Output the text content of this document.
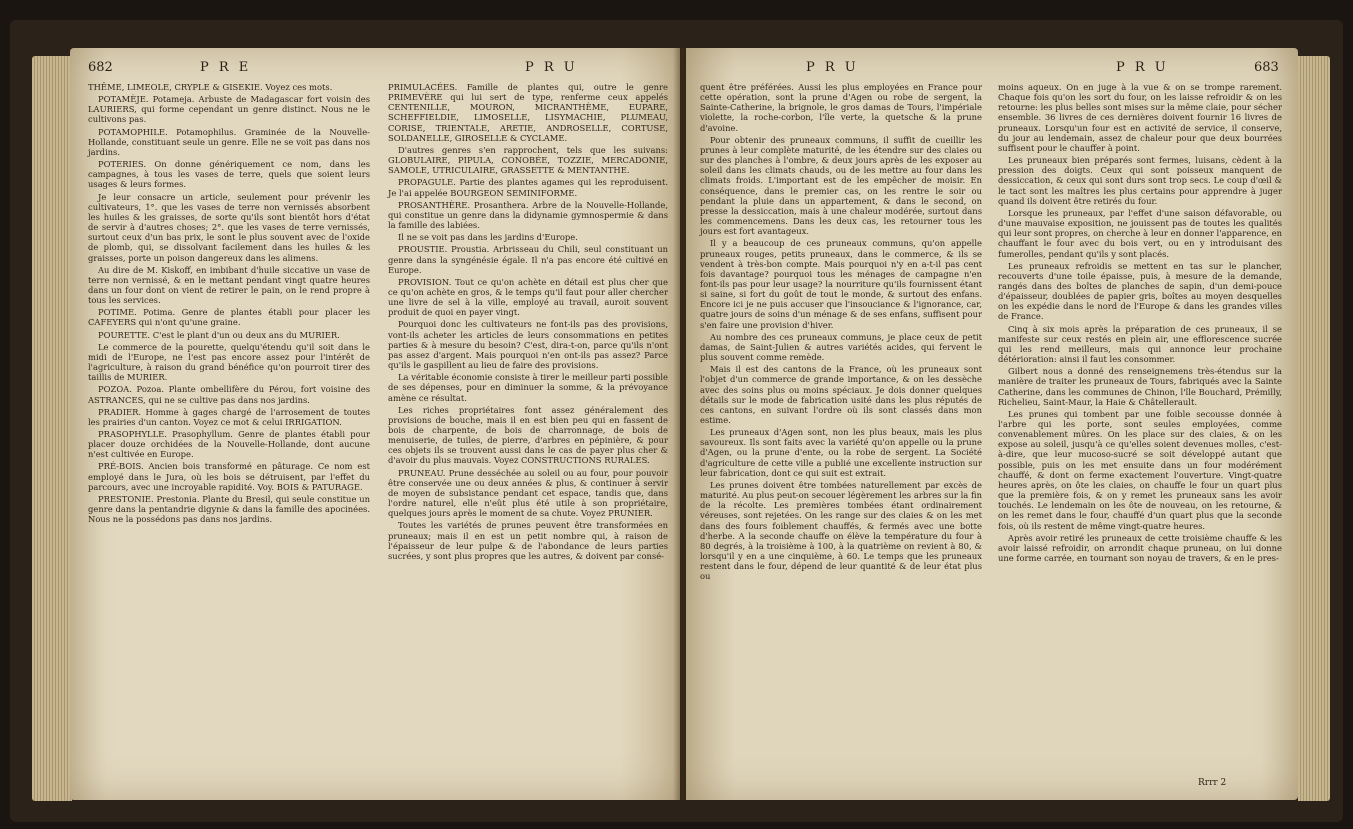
682	P R E	P R U

THÊME, LIMEOLE, CRYPLE & GISEKIE. Voyez ces mots.

POTAMÈJE. Potameja. Arbuste de Madagascar fort voisin des LAURIERS, qui forme cependant un genre distinct. Nous ne le cultivons pas.

POTAMOPHILE. Potamophilus. Graminée de la Nouvelle-Hollande, constituant seule un genre. Elle ne se voit pas dans nos jardins.

POTERIES. On donne génériquement ce nom, dans les campagnes, à tous les vases de terre, quels que soient leurs usages & leurs formes.

Je leur consacre un article, seulement pour prévenir les cultivateurs, 1°. que les vases de terre non vernissés absorbent les huiles & les graisses, de sorte qu'ils sont bientôt hors d'état de servir à d'autres choses; 2°. que les vases de terre vernissés, surtout ceux d'un bas prix, le sont le plus souvent avec de l'oxide de plomb, qui, se dissolvant facilement dans les huiles & les graisses, porte un poison dangereux dans les alimens.

Au dire de M. Kiskoff, en imbibant d'huile siccative un vase de terre non vernissé, & en le mettant pendant vingt quatre heures dans un four dont on vient de retirer le pain, on le rend propre à tous les services.

POTIME. Potima. Genre de plantes établi pour placer les CAFEYERS qui n'ont qu'une graine.

POURETTE. C'est le plant d'un ou deux ans du MURIER.

Le commerce de la pourette, quelqu'étendu qu'il soit dans le midi de l'Europe, ne l'est pas encore assez pour l'intérêt de l'agriculture, à raison du grand bénéfice qu'on pourroit tirer des taillis de MURIER.

POZOA. Pozoa. Plante ombellifère du Pérou, fort voisine des ASTRANCES, qui ne se cultive pas dans nos jardins.

PRADIER. Homme à gages chargé de l'arrosement de toutes les prairies d'un canton. Voyez ce mot & celui IRRIGATION.

PRASOPHYLLE. Prasophyllum. Genre de plantes établi pour placer douze orchidées de la Nouvelle-Hollande, dont aucune n'est cultivée en Europe.

PRÉ-BOIS. Ancien bois transformé en pâturage. Ce nom est employé dans le Jura, où les bois se détruisent, par l'effet du parcours, avec une incroyable rapidité. Voy. BOIS & PATURAGE.

PRESTONIE. Prestonia. Plante du Bresil, qui seule constitue un genre dans la pentandrie digynie & dans la famille des apocinées. Nous ne la possédons pas dans nos jardins.

PRIMULACÉES. Famille de plantes qui, outre le genre PRIMEVÈRE qui lui sert de type, renferme ceux appelés CENTENILLE, MOURON, MICRANTHÈME, EUPARE, SCHEFFIELDIE, LIMOSELLE, LISYMACHIE, PLUMEAU, CORISE, TRIENTALE, ARETIE, ANDROSELLE, CORTUSE, SOLDANELLE, GIROSELLE & CYCLAME.

D'autres genres s'en rapprochent, tels que les suivans: GLOBULAIRE, PIPULA, CONOBÉE, TOZZIE, MERCADONIE, SAMOLE, UTRICULAIRE, GRASSETTE & MENTANTHE.

PROPAGULE. Partie des plantes agames qui les reproduisent. Je l'ai appelée BOURGEON SEMINIFORME.

PROSANTHÈRE. Prosanthera. Arbre de la Nouvelle-Hollande, qui constitue un genre dans la didynamie gymnospermie & dans la famille des labiées.

Il ne se voit pas dans les jardins d'Europe.

PROUSTIE. Proustia. Arbrisseau du Chili, seul constituant un genre dans la syngénésie égale. Il n'a pas encore été cultivé en Europe.

PROVISION. Tout ce qu'on achète en détail est plus cher que ce qu'on achète en gros, & le temps qu'il faut pour aller chercher une livre de sel à la ville, employé au travail, auroit souvent produit de quoi en payer vingt.

Pourquoi donc les cultivateurs ne font-ils pas des provisions, vont-ils acheter les articles de leurs consommations en petites parties & à mesure du besoin? C'est, dira-t-on, parce qu'ils n'ont pas assez d'argent. Mais pourquoi n'en ont-ils pas assez? Parce qu'ils le gaspillent au lieu de faire des provisions.

La véritable économie consiste à tirer le meilleur parti possible de ses dépenses, pour en diminuer la somme, & la prévoyance amène ce résultat.

Les riches propriétaires font assez généralement des provisions de bouche, mais il en est bien peu qui en fassent de bois de charpente, de bois de charronnage, de bois de menuiserie, de tuiles, de pierre, d'arbres en pépinière, & pour ces objets ils se trouvent aussi dans le cas de payer plus cher & d'avoir du plus mauvais. Voyez CONSTRUCTIONS RURALES.

PRUNEAU. Prune desséchée au soleil ou au four, pour pouvoir être conservée une ou deux années & plus, & continuer à servir de moyen de subsistance pendant cet espace, tandis que, dans l'ordre naturel, elle n'eût plus été utile à son propriétaire, quelques jours après le moment de sa chute. Voyez PRUNIER.

Toutes les variétés de prunes peuvent être transformées en pruneaux; mais il en est un petit nombre qui, à raison de l'épaisseur de leur pulpe & de l'abondance de leurs parties sucrées, y sont plus propres que les autres, & doivent par consé-

P R U	P R U	683

quent être préférées. Aussi les plus employées en France pour cette opération, sont la prune d'Agen ou robe de sergent, la Sainte-Catherine, la brignole, le gros damas de Tours, l'impériale violette, la roche-corbon, l'île verte, la quetsche & la prune d'avoine.

Pour obtenir des pruneaux communs, il suffit de cueillir les prunes à leur complète maturité, de les étendre sur des claies ou sur des planches à l'ombre, & deux jours après de les exposer au soleil dans les climats chauds, ou de les mettre au four dans les climats froids. L'important est de les empêcher de moisir. En conséquence, dans le premier cas, on les rentre le soir ou pendant la pluie dans un appartement, & dans le second, on presse la dessiccation, mais à une chaleur modérée, surtout dans les commencemens. Dans les deux cas, les retourner tous les jours est fort avantageux.

Il y a beaucoup de ces pruneaux communs, qu'on appelle pruneaux rouges, petits pruneaux, dans le commerce, & ils se vendent à très-bon compte. Mais pourquoi n'y en a-t-il pas cent fois davantage? pourquoi tous les ménages de campagne n'en font-ils pas pour leur usage? la nourriture qu'ils fournissent étant si saine, si fort du goût de tout le monde, & surtout des enfans. Encore ici je ne puis accuser que l'insouciance & l'ignorance, car, quatre jours de soins d'un ménage & de ses enfans, suffisent pour s'en faire une provision d'hiver.

Au nombre des ces pruneaux communs, je place ceux de petit damas, de Saint-Julien & autres variétés acides, qui fervent le plus souvent comme remède.

Mais il est des cantons de la France, où les pruneaux sont l'objet d'un commerce de grande importance, & on les dessèche avec des soins plus ou moins spéciaux. Je dois donner quelques détails sur le mode de fabrication usité dans les plus réputés de ces cantons, en suivant l'ordre où ils sont classés dans mon estime.

Les pruneaux d'Agen sont, non les plus beaux, mais les plus savoureux. Ils sont faits avec la variété qu'on appelle ou la prune d'Agen, ou la prune d'ente, ou la robe de sergent. La Société d'agriculture de cette ville a publié une excellente instruction sur leur fabrication, dont ce qui suit est extrait.

Les prunes doivent être tombées naturellement par excès de maturité. Au plus peut-on secouer légèrement les arbres sur la fin de la récolte. Les premières tombées étant ordinairement véreuses, sont rejetées. On les range sur des claies & on les met dans des fours foiblement chauffés, & fermés avec une botte d'herbe. A la seconde chauffe on élève la température du four à 80 degrés, à la troisième à 100, à la quatrième on revient à 80, & lorsqu'il y en a une cinquième, à 60. Le temps que les pruneaux restent dans le four, dépend de leur quantité & de leur état plus ou

moins aqueux. On en juge à la vue & on se trompe rarement. Chaque fois qu'on les sort du four, on les laisse refroidir & on les retourne: les plus belles sont mises sur la même claie, pour sécher ensemble. 36 livres de ces dernières doivent fournir 16 livres de pruneaux. Lorsqu'un four est en activité de service, il conserve, du jour au lendemain, assez de chaleur pour que deux bourrées suffisent pour le chauffer à point.

Les pruneaux bien préparés sont fermes, luisans, cèdent à la pression des doigts. Ceux qui sont poisseux manquent de dessiccation, & ceux qui sont durs sont trop secs. Le coup d'œil & le tact sont les maîtres les plus certains pour apprendre à juger quand ils doivent être retirés du four.

Lorsque les pruneaux, par l'effet d'une saison défavorable, ou d'une mauvaise exposition, ne jouissent pas de toutes les qualités qui leur sont propres, on cherche à leur en donner l'apparence, en chauffant le four avec du bois vert, ou en y introduisant des fumerolles, pendant qu'ils y sont placés.

Les pruneaux refroidis se mettent en tas sur le plancher, recouverts d'une toile épaisse, puis, à mesure de la demande, rangés dans des boîtes de planches de sapin, d'un demi-pouce d'épaisseur, doublées de papier gris, boîtes au moyen desquelles on les expédie dans le nord de l'Europe & dans les grandes villes de France.

Cinq à six mois après la préparation de ces pruneaux, il se manifeste sur ceux restés en plein air, une efflorescence sucrée qui les rend meilleurs, mais qui annonce leur prochaine détérioration: ainsi il faut les consommer.

Gilbert nous a donné des renseignemens très-étendus sur la manière de traiter les pruneaux de Tours, fabriqués avec la Sainte Catherine, dans les communes de Chinon, l'île Bouchard, Prémilly, Richelieu, Saint-Maur, la Haie & Châtellerault.

Les prunes qui tombent par une foible secousse donnée à l'arbre qui les porte, sont seules employées, comme convenablement mûres. On les place sur des claies, & on les expose au soleil, jusqu'à ce qu'elles soient devenues molles, c'est-à-dire, que leur mucoso-sucré se soit développé autant que possible, puis on les met ensuite dans un four modérément chauffé, & dont on ferme exactement l'ouverture. Vingt-quatre heures après, on ôte les claies, on chauffe le four un quart plus que la première fois, & on y remet les pruneaux sans les avoir touchés. Le lendemain on les ôte de nouveau, on les retourne, & on les remet dans le four, chauffé d'un quart plus que la seconde fois, où ils restent de même vingt-quatre heures.

Après avoir retiré les pruneaux de cette troisième chauffe & les avoir laissé refroidir, on arrondit chaque pruneau, on lui donne une forme carrée, en tournant son noyau de travers, & en le pres-

Rrrr 2
